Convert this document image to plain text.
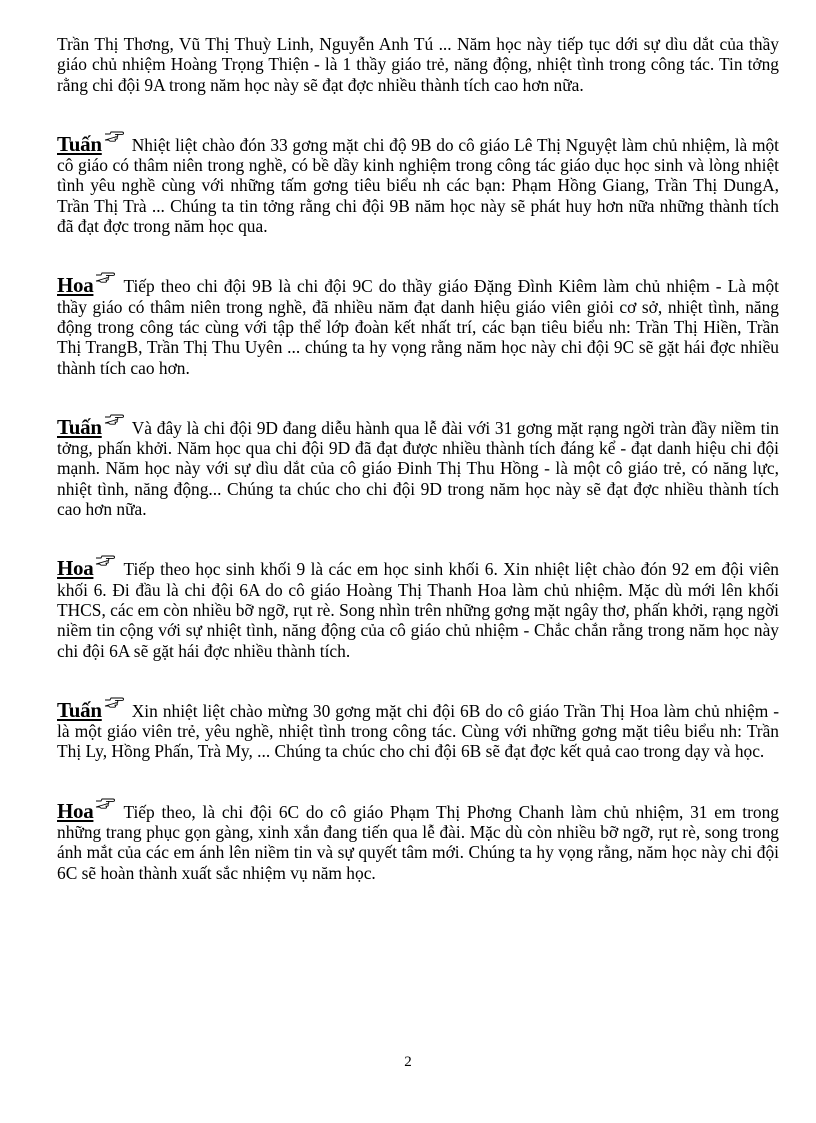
Trần Thị Thơng, Vũ Thị Thuỳ Linh, Nguyễn Anh Tú ... Năm học này tiếp tục dới sự dìu dắt của thầy giáo chủ nhiệm Hoàng Trọng Thiện - là 1 thầy giáo trẻ, năng động, nhiệt tình trong công tác. Tin tởng rằng chi đội 9A trong năm học này sẽ đạt đợc nhiều thành tích cao hơn nữa.

Tuấn Nhiệt liệt chào đón 33 gơng mặt chi độ 9B do cô giáo Lê Thị Nguyệt làm chủ nhiệm, là một cô giáo có thâm niên trong nghề, có bề dầy kinh nghiệm trong công tác giáo dục học sinh và lòng nhiệt tình yêu nghề cùng với những tấm gơng tiêu biểu nh các bạn: Phạm Hồng Giang, Trần Thị DungA, Trần Thị Trà ... Chúng ta tin tởng rằng chi đội 9B năm học này sẽ phát huy hơn nữa những thành tích đã đạt đợc trong năm học qua.

Hoa Tiếp theo chi đội 9B là chi đội 9C do thầy giáo Đặng Đình Kiêm làm chủ nhiệm - Là một thầy giáo có thâm niên trong nghề, đã nhiều năm đạt danh hiệu giáo viên giỏi cơ sở, nhiệt tình, năng động trong công tác cùng với tập thể lớp đoàn kết nhất trí, các bạn tiêu biểu nh: Trần Thị Hiền, Trần Thị TrangB, Trần Thị Thu Uyên ... chúng ta hy vọng rằng năm học này chi đội 9C sẽ gặt hái đợc nhiều thành tích cao hơn.

Tuấn Và đây là chi đội 9D đang diễu hành qua lễ đài với 31 gơng mặt rạng ngời tràn đầy niềm tin tởng, phấn khởi. Năm học qua chi đội 9D đã đạt được nhiều thành tích đáng kể - đạt danh hiệu chi đội mạnh. Năm học này với sự dìu dắt của cô giáo Đinh Thị Thu Hồng - là một cô giáo trẻ, có năng lực, nhiệt tình, năng động... Chúng ta chúc cho chi đội 9D trong năm học này sẽ đạt đợc nhiều thành tích cao hơn nữa.

Hoa Tiếp theo học sinh khối 9 là các em học sinh khối 6. Xin nhiệt liệt chào đón 92 em đội viên khối 6. Đi đầu là chi đội 6A do cô giáo Hoàng Thị Thanh Hoa làm chủ nhiệm. Mặc dù mới lên khối THCS, các em còn nhiều bỡ ngỡ, rụt rè. Song nhìn trên những gơng mặt ngây thơ, phấn khởi, rạng ngời niềm tin cộng với sự nhiệt tình, năng động của cô giáo chủ nhiệm - Chắc chắn rằng trong năm học này chi đội 6A sẽ gặt hái đợc nhiều thành tích.

Tuấn Xin nhiệt liệt chào mừng 30 gơng mặt chi đội 6B do cô giáo Trần Thị Hoa làm chủ nhiệm - là một giáo viên trẻ, yêu nghề, nhiệt tình trong công tác. Cùng với những gơng mặt tiêu biểu nh: Trần Thị Ly, Hồng Phấn, Trà My, ... Chúng ta chúc cho chi đội 6B sẽ đạt đợc kết quả cao trong dạy và học.

Hoa Tiếp theo, là chi đội 6C do cô giáo Phạm Thị Phơng Chanh làm chủ nhiệm, 31 em trong những trang phục gọn gàng, xinh xắn đang tiến qua lễ đài. Mặc dù còn nhiều bỡ ngỡ, rụt rè, song trong ánh mắt của các em ánh lên niềm tin và sự quyết tâm mới. Chúng ta hy vọng rằng, năm học này chi đội 6C sẽ hoàn thành xuất sắc nhiệm vụ năm học.

2
